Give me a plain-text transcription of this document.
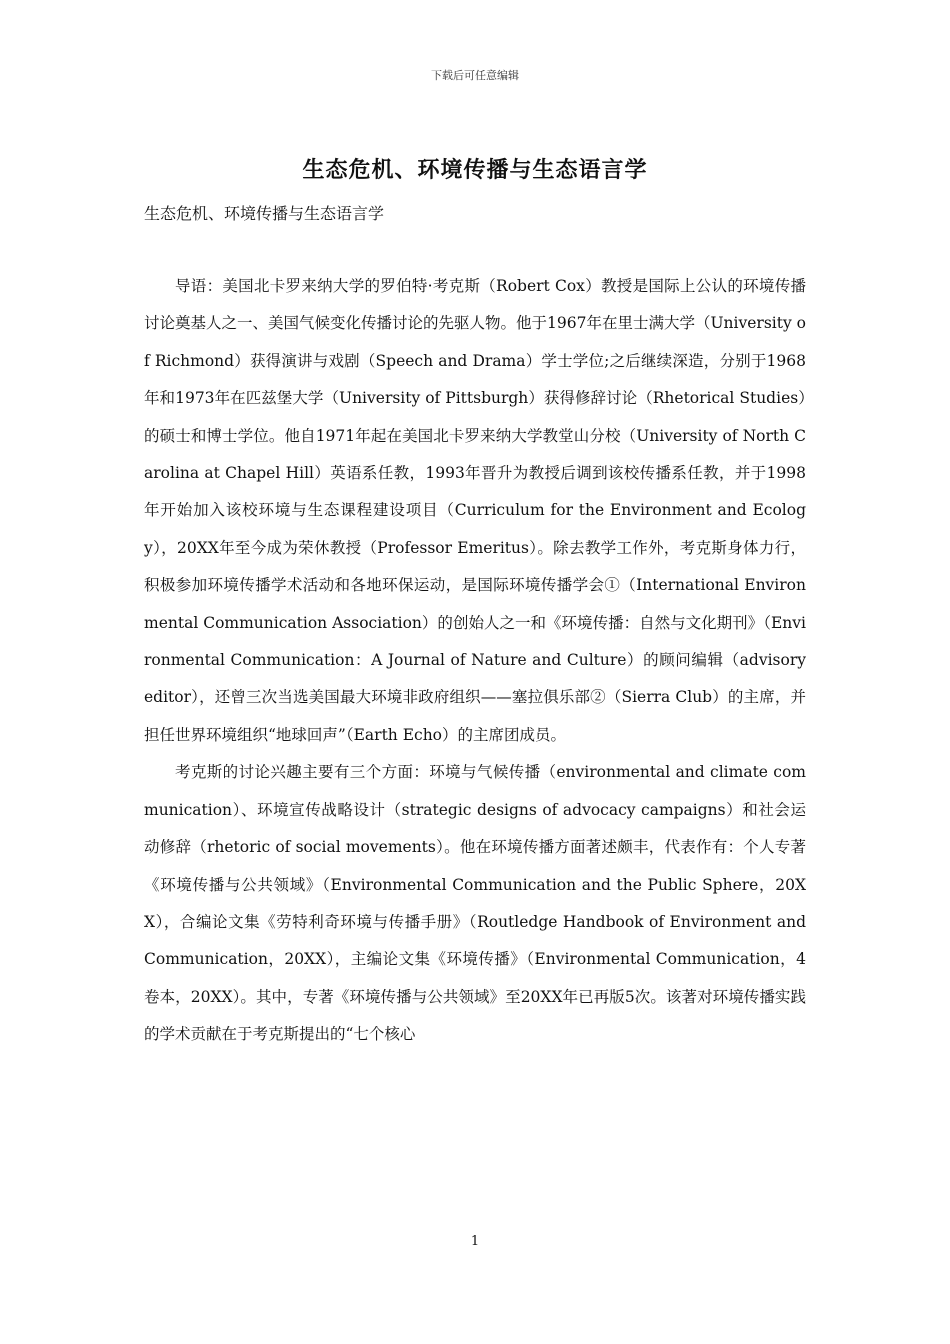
下载后可任意编辑
生态危机、环境传播与生态语言学

生态危机、环境传播与生态语言学

导语：美国北卡罗来纳大学的罗伯特·考克斯（Robert Cox）教授是国际上公认的环境传播讨论奠基人之一、美国气候变化传播讨论的先驱人物。他于1967年在里士满大学（University of Richmond）获得演讲与戏剧（Speech and Drama）学士学位;之后继续深造，分别于1968年和1973年在匹兹堡大学（University of Pittsburgh）获得修辞讨论（Rhetorical Studies）的硕士和博士学位。他自1971年起在美国北卡罗来纳大学教堂山分校（University of North Carolina at Chapel Hill）英语系任教，1993年晋升为教授后调到该校传播系任教，并于1998年开始加入该校环境与生态课程建设项目（Curriculum for the Environment and Ecology），20XX年至今成为荣休教授（Professor Emeritus）。除去教学工作外，考克斯身体力行，积极参加环境传播学术活动和各地环保运动，是国际环境传播学会①（International Environmental Communication Association）的创始人之一和《环境传播：自然与文化期刊》（Environmental Communication：A Journal of Nature and Culture）的顾问编辑（advisory editor），还曾三次当选美国最大环境非政府组织——塞拉俱乐部②（Sierra Club）的主席，并担任世界环境组织“地球回声”（Earth Echo）的主席团成员。

考克斯的讨论兴趣主要有三个方面：环境与气候传播（environmental and climate communication）、环境宣传战略设计（strategic designs of advocacy campaigns）和社会运动修辞（rhetoric of social movements）。他在环境传播方面著述颇丰，代表作有：个人专著《环境传播与公共领域》（Environmental Communication and the Public Sphere，20XX），合编论文集《劳特利奇环境与传播手册》（Routledge Handbook of Environment and Communication，20XX），主编论文集《环境传播》（Environmental Communication，4卷本，20XX）。其中，专著《环境传播与公共领域》至20XX年已再版5次。该著对环境传播实践的学术贡献在于考克斯提出的“七个核心

1
